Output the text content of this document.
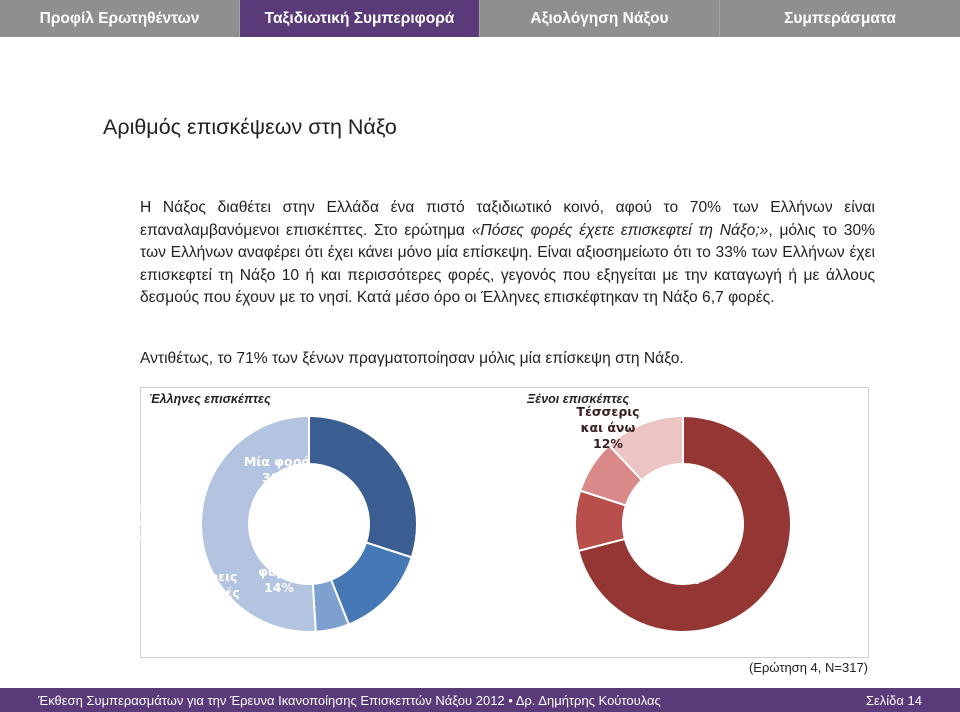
Προφίλ Ερωτηθέντων	Ταξιδιωτική Συμπεριφορά	Αξιολόγηση Νάξου	Συμπεράσματα
Αριθμός επισκέψεων στη Νάξο

Η Νάξος διαθέτει στην Ελλάδα ένα πιστό ταξιδιωτικό κοινό, αφού το 70% των Ελλήνων είναι επαναλαμβανόμενοι επισκέπτες. Στο ερώτημα «Πόσες φορές έχετε επισκεφτεί τη Νάξο;», μόλις το 30% των Ελλήνων αναφέρει ότι έχει κάνει μόνο μία επίσκεψη. Είναι αξιοσημείωτο ότι το 33% των Ελλήνων έχει επισκεφτεί τη Νάξο 10 ή και περισσότερες φορές, γεγονός που εξηγείται με την καταγωγή ή με άλλους δεσμούς που έχουν με το νησί. Κατά μέσο όρο οι Έλληνες επισκέφτηκαν τη Νάξο 6,7 φορές.

Αντιθέτως, το 71% των ξένων πραγματοποίησαν μόλις μία επίσκεψη στη Νάξο.

Έλληνες επισκέπτες	Ξένοι επισκέπτες
Μία φορά 30%
Δύο φορές 14%
Τρεις φορές 5%
Τέσσερις και άνω 51%
Μία φορά 71%
Δύο φορές 9%
Τρεις φορές 8%
Τέσσερις και άνω 12%
(Ερώτηση 4, N=317)
Έκθεση Συμπερασμάτων για την Έρευνα Ικανοποίησης Επισκεπτών Νάξου 2012 • Δρ. Δημήτρης Κούτουλας	Σελίδα 14
